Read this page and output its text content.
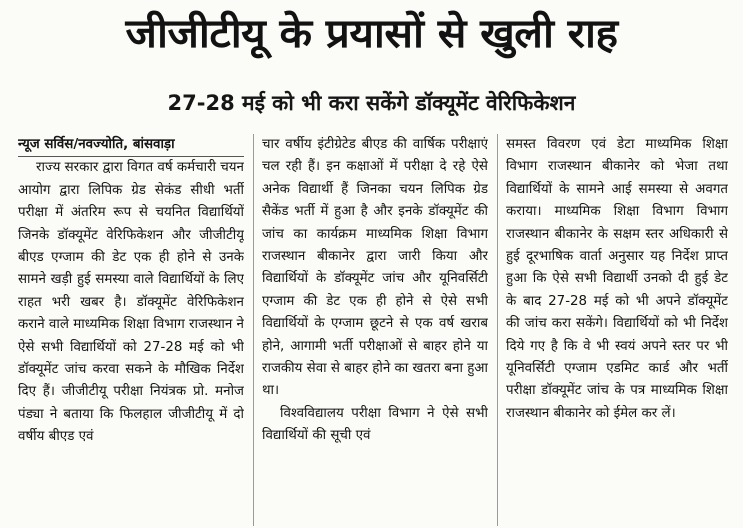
जीजीटीयू के प्रयासों से खुली राह
27-28 मई को भी करा सकेंगे डॉक्यूमेंट वेरिफिकेशन
न्यूज सर्विस/नवज्योति, बांसवाड़ा

राज्य सरकार द्वारा विगत वर्ष कर्मचारी चयन आयोग द्वारा लिपिक ग्रेड सेकंड सीधी भर्ती परीक्षा में अंतरिम रूप से चयनित विद्यार्थियों जिनके डॉक्यूमेंट वेरिफिकेशन और जीजीटीयू बीएड एग्जाम की डेट एक ही होने से उनके सामने खड़ी हुई समस्या वाले विद्यार्थियों के लिए राहत भरी खबर है। डॉक्यूमेंट वेरिफिकेशन कराने वाले माध्यमिक शिक्षा विभाग राजस्थान ने ऐसे सभी विद्यार्थियों को 27-28 मई को भी डॉक्यूमेंट जांच करवा सकने के मौखिक निर्देश दिए हैं। जीजीटीयू परीक्षा नियंत्रक प्रो. मनोज पंड्या ने बताया कि फिलहाल जीजीटीयू में दो वर्षीय बीएड एवं

चार वर्षीय इंटीग्रेटेड बीएड की वार्षिक परीक्षाएं चल रही हैं। इन कक्षाओं में परीक्षा दे रहे ऐसे अनेक विद्यार्थी हैं जिनका चयन लिपिक ग्रेड सैकेंड भर्ती में हुआ है और इनके डॉक्यूमेंट की जांच का कार्यक्रम माध्यमिक शिक्षा विभाग राजस्थान बीकानेर द्वारा जारी किया और विद्यार्थियों के डॉक्यूमेंट जांच और यूनिवर्सिटी एग्जाम की डेट एक ही होने से ऐसे सभी विद्यार्थियों के एग्जाम छूटने से एक वर्ष खराब होने, आगामी भर्ती परीक्षाओं से बाहर होने या राजकीय सेवा से बाहर होने का खतरा बना हुआ था।

विश्वविद्यालय परीक्षा विभाग ने ऐसे सभी विद्यार्थियों की सूची एवं

समस्त विवरण एवं डेटा माध्यमिक शिक्षा विभाग राजस्थान बीकानेर को भेजा तथा विद्यार्थियों के सामने आई समस्या से अवगत कराया। माध्यमिक शिक्षा विभाग विभाग राजस्थान बीकानेर के सक्षम स्तर अधिकारी से हुई दूरभाषिक वार्ता अनुसार यह निर्देश प्राप्त हुआ कि ऐसे सभी विद्यार्थी उनको दी हुई डेट के बाद 27-28 मई को भी अपने डॉक्यूमेंट की जांच करा सकेंगे। विद्यार्थियों को भी निर्देश दिये गए है कि वे भी स्वयं अपने स्तर पर भी यूनिवर्सिटी एग्जाम एडमिट कार्ड और भर्ती परीक्षा डॉक्यूमेंट जांच के पत्र माध्यमिक शिक्षा राजस्थान बीकानेर को ईमेल कर लें।
